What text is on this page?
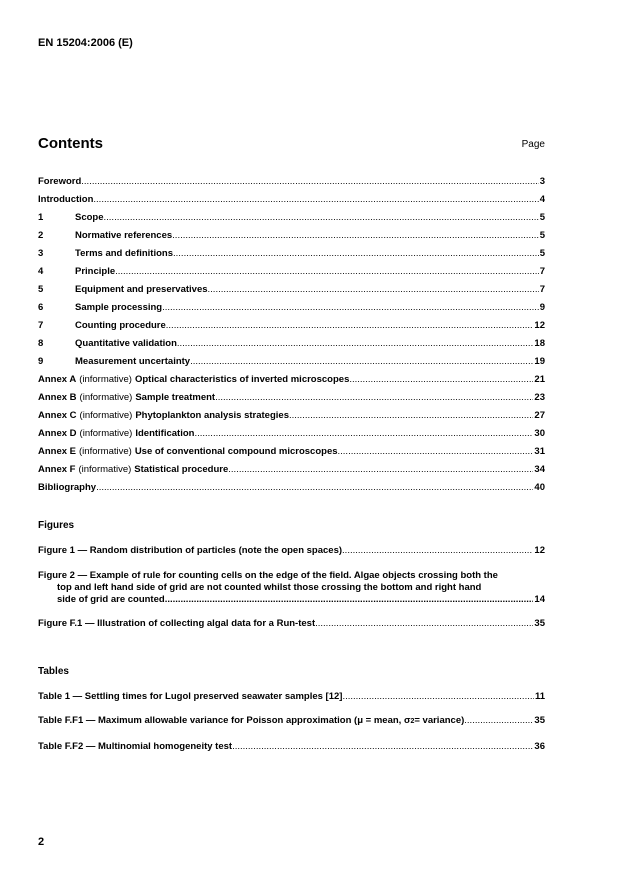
EN 15204:2006 (E)
Contents	Page
Foreword .....	3
Introduction .....	4
1	Scope .....	5
2	Normative references .....	5
3	Terms and definitions .....	5
4	Principle .....	7
5	Equipment and preservatives .....	7
6	Sample processing .....	9
7	Counting procedure .....	12
8	Quantitative validation .....	18
9	Measurement uncertainty .....	19
Annex A (informative) Optical characteristics of inverted microscopes .....	21
Annex B (informative) Sample treatment .....	23
Annex C (informative) Phytoplankton analysis strategies .....	27
Annex D (informative) Identification .....	30
Annex E (informative) Use of conventional compound microscopes .....	31
Annex F (informative) Statistical procedure .....	34
Bibliography .....	40
Figures
Figure 1 — Random distribution of particles (note the open spaces) .....	12
Figure 2 — Example of rule for counting cells on the edge of the field. Algae objects crossing both the
top and left hand side of grid are not counted whilst those crossing the bottom and right hand
side of grid are counted .....	14
Figure F.1 — Illustration of collecting algal data for a Run-test .....	35
Tables
Table 1 — Settling times for Lugol preserved seawater samples [12] .....	11
Table F.F1 — Maximum allowable variance for Poisson approximation (μ = mean, σ 2 = variance) .....	35
Table F.F2 — Multinomial homogeneity test .....	36
2
